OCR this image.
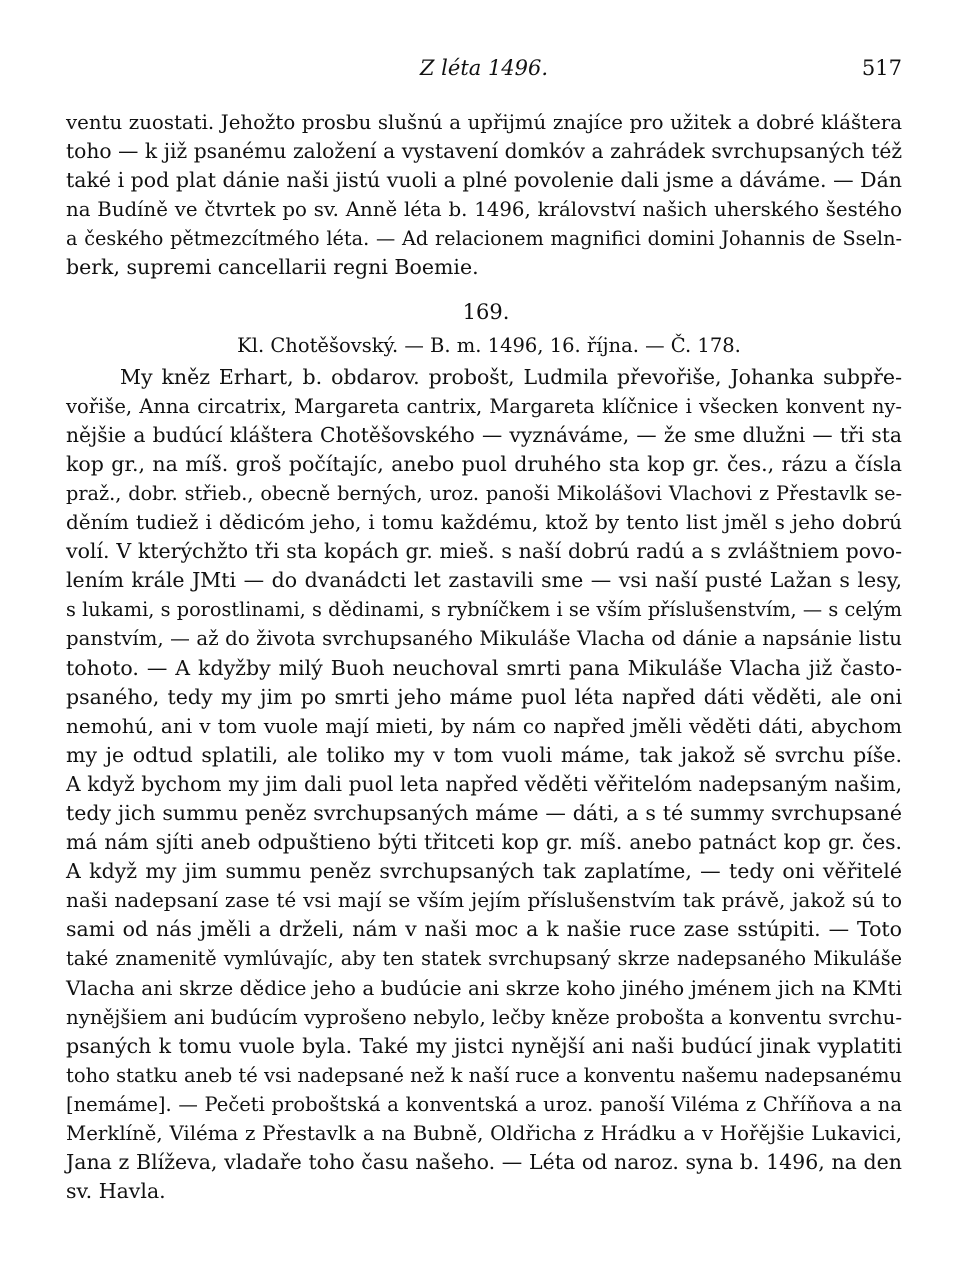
Z léta 1496.	517
ventu zuostati. Jehožto prosbu slušnú a upřijmú znajíce pro užitek a dobré kláštera
toho — k již psanému založení a vystavení domkóv a zahrádek svrchupsaných též
také i pod plat dánie naši jistú vuoli a plné povolenie dali jsme a dáváme. — Dán
na Budíně ve čtvrtek po sv. Anně léta b. 1496, království našich uherského šestého
a českého pětmezcítmého léta. — Ad relacionem magnifici domini Johannis de Sseln-
berk, supremi cancellarii regni Boemie.
169.
Kl. Chotěšovský. — B. m. 1496, 16. října. — Č. 178.
My kněz Erhart, b. obdarov. probošt, Ludmila převořiše, Johanka subpře-
vořiše, Anna circatrix, Margareta cantrix, Margareta klíčnice i všecken konvent ny-
nějšie a budúcí kláštera Chotěšovského — vyznáváme, — že sme dlužni — tři sta
kop gr., na míš. groš počítajíc, anebo puol druhého sta kop gr. čes., rázu a čísla
praž., dobr. střieb., obecně berných, uroz. panoši Mikolášovi Vlachovi z Přestavlk se-
děním tudiež i dědicóm jeho, i tomu každému, ktož by tento list jměl s jeho dobrú
volí. V kterýchžto tři sta kopách gr. mieš. s naší dobrú radú a s zvláštniem povo-
lením krále JMti — do dvanádcti let zastavili sme — vsi naší pusté Lažan s lesy,
s lukami, s porostlinami, s dědinami, s rybníčkem i se vším příslušenstvím, — s celým
panstvím, — až do života svrchupsaného Mikuláše Vlacha od dánie a napsánie listu
tohoto. — A kdyžby milý Buoh neuchoval smrti pana Mikuláše Vlacha již často-
psaného, tedy my jim po smrti jeho máme puol léta napřed dáti věděti, ale oni
nemohú, ani v tom vuole mají mieti, by nám co napřed jměli věděti dáti, abychom
my je odtud splatili, ale toliko my v tom vuoli máme, tak jakož sě svrchu píše.
A když bychom my jim dali puol leta napřed věděti věřitelóm nadepsaným našim,
tedy jich summu peněz svrchupsaných máme — dáti, a s té summy svrchupsané
má nám sjíti aneb odpuštieno býti třitceti kop gr. míš. anebo patnáct kop gr. čes.
A když my jim summu peněz svrchupsaných tak zaplatíme, — tedy oni věřitelé
naši nadepsaní zase té vsi mají se vším jejím příslušenstvím tak právě, jakož sú to
sami od nás jměli a drželi, nám v naši moc a k našie ruce zase sstúpiti. — Toto
také znamenitě vymlúvajíc, aby ten statek svrchupsaný skrze nadepsaného Mikuláše
Vlacha ani skrze dědice jeho a budúcie ani skrze koho jiného jménem jich na KMti
nynějšiem ani budúcím vyprošeno nebylo, lečby kněze probošta a konventu svrchu-
psaných k tomu vuole byla. Také my jistci nynější ani naši budúcí jinak vyplatiti
toho statku aneb té vsi nadepsané než k naší ruce a konventu našemu nadepsanému
[nemáme]. — Pečeti proboštská a konventská a uroz. panoší Viléma z Chříňova a na
Merklíně, Viléma z Přestavlk a na Bubně, Oldřicha z Hrádku a v Hořějšie Lukavici,
Jana z Blíževa, vladaře toho času našeho. — Léta od naroz. syna b. 1496, na den
sv. Havla.
